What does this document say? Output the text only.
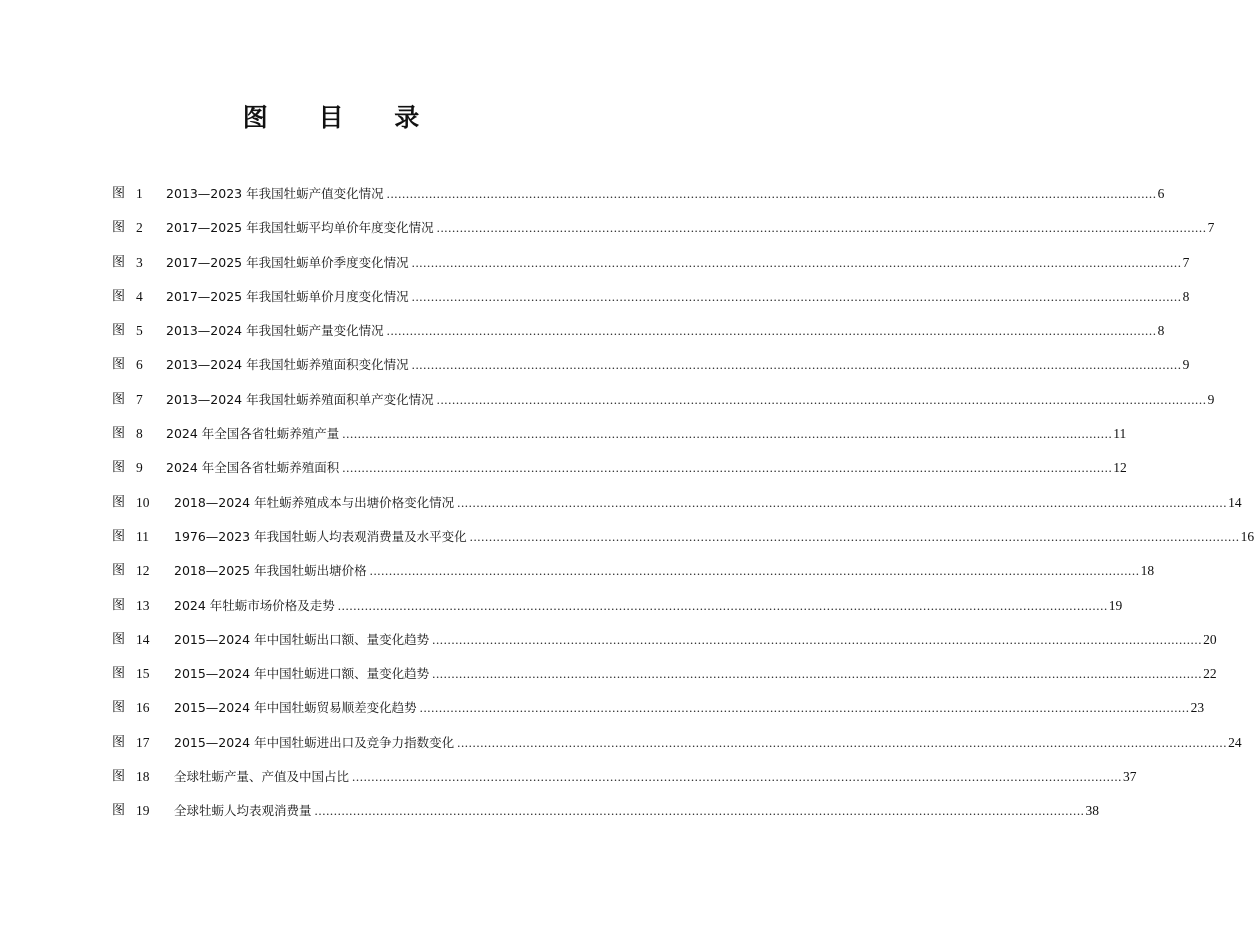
图 目 录
图 1	2013—2023 年我国牡蛎产值变化情况 ........................................................................................................................................................................................................ 6
图 2	2017—2025 年我国牡蛎平均单价年度变化情况 ........................................................................................................................................................................................................ 7
图 3	2017—2025 年我国牡蛎单价季度变化情况 ........................................................................................................................................................................................................ 7
图 4	2017—2025 年我国牡蛎单价月度变化情况 ........................................................................................................................................................................................................ 8
图 5	2013—2024 年我国牡蛎产量变化情况 ........................................................................................................................................................................................................ 8
图 6	2013—2024 年我国牡蛎养殖面积变化情况 ........................................................................................................................................................................................................ 9
图 7	2013—2024 年我国牡蛎养殖面积单产变化情况 ........................................................................................................................................................................................................ 9
图 8	2024 年全国各省牡蛎养殖产量 ........................................................................................................................................................................................................ 11
图 9	2024 年全国各省牡蛎养殖面积 ........................................................................................................................................................................................................ 12
图 10	2018—2024 年牡蛎养殖成本与出塘价格变化情况 ........................................................................................................................................................................................................ 14
图 11	1976—2023 年我国牡蛎人均表观消费量及水平变化 ........................................................................................................................................................................................................ 16
图 12	2018—2025 年我国牡蛎出塘价格 ........................................................................................................................................................................................................ 18
图 13	2024 年牡蛎市场价格及走势 ........................................................................................................................................................................................................ 19
图 14	2015—2024 年中国牡蛎出口额、量变化趋势 ........................................................................................................................................................................................................ 20
图 15	2015—2024 年中国牡蛎进口额、量变化趋势 ........................................................................................................................................................................................................ 22
图 16	2015—2024 年中国牡蛎贸易顺差变化趋势 ........................................................................................................................................................................................................ 23
图 17	2015—2024 年中国牡蛎进出口及竞争力指数变化 ........................................................................................................................................................................................................ 24
图 18	全球牡蛎产量、产值及中国占比 ........................................................................................................................................................................................................ 37
图 19	全球牡蛎人均表观消费量 ........................................................................................................................................................................................................ 38
